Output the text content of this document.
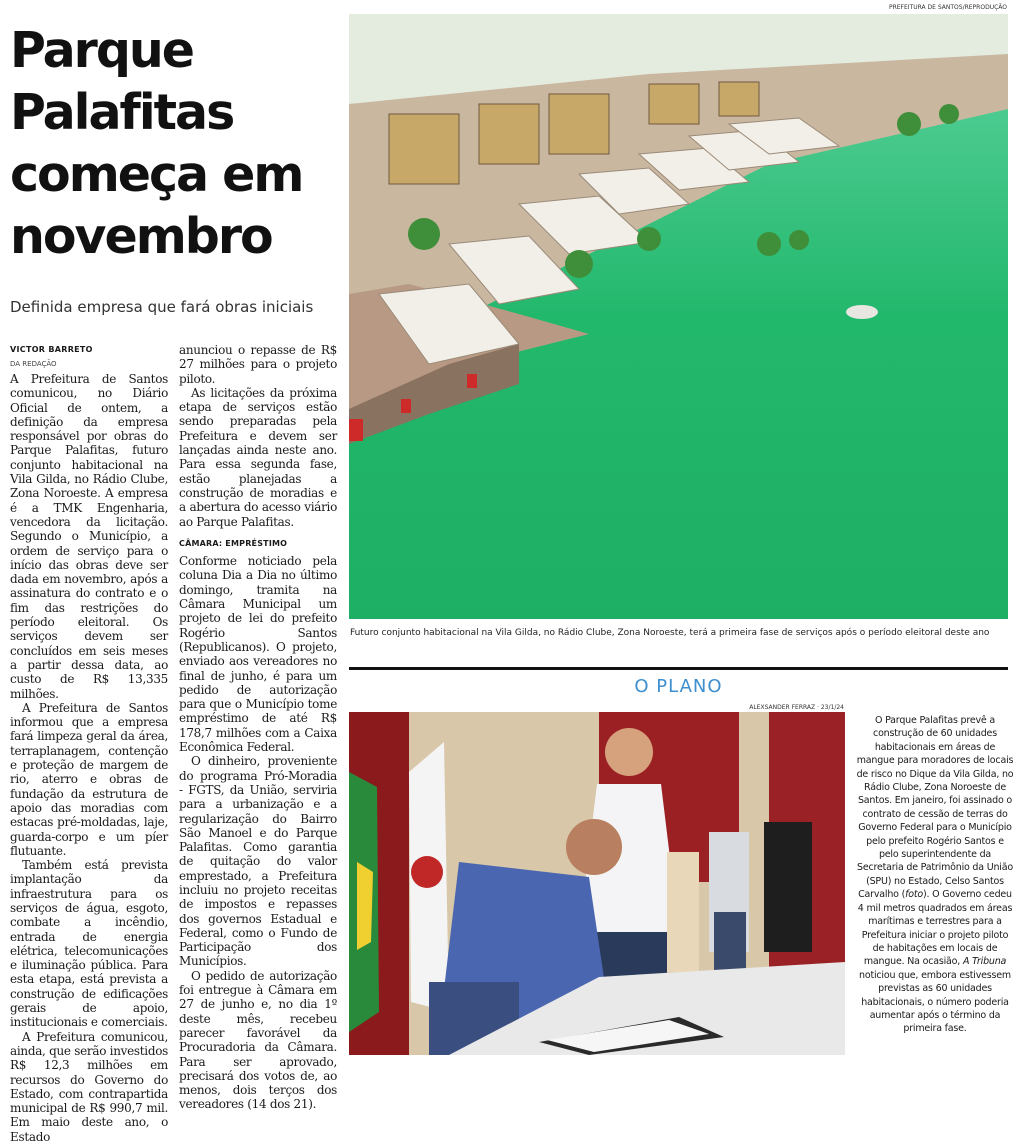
Parque Palafitas começa em novembro

Definida empresa que fará obras iniciais

VICTOR BARRETO
DA REDAÇÃO

A Prefeitura de Santos comunicou, no Diário Oficial de ontem, a definição da empresa responsável por obras do Parque Palafitas, futuro conjunto habitacional na Vila Gilda, no Rádio Clube, Zona Noroeste. A empresa é a TMK Engenharia, vencedora da licitação. Segundo o Município, a ordem de serviço para o início das obras deve ser dada em novembro, após a assinatura do contrato e o fim das restrições do período eleitoral. Os serviços devem ser concluídos em seis meses a partir dessa data, ao custo de R$ 13,335 milhões.

A Prefeitura de Santos informou que a empresa fará limpeza geral da área, terraplanagem, contenção e proteção de margem de rio, aterro e obras de fundação da estrutura de apoio das moradias com estacas pré-moldadas, laje, guarda-corpo e um píer flutuante.

Também está prevista implantação da infraestrutura para os serviços de água, esgoto, combate a incêndio, entrada de energia elétrica, telecomunicações e iluminação pública. Para esta etapa, está prevista a construção de edificações gerais de apoio, institucionais e comerciais.

A Prefeitura comunicou, ainda, que serão investidos R$ 12,3 milhões em recursos do Governo do Estado, com contrapartida municipal de R$ 990,7 mil. Em maio deste ano, o Estado

anunciou o repasse de R$ 27 milhões para o projeto piloto.

As licitações da próxima etapa de serviços estão sendo preparadas pela Prefeitura e devem ser lançadas ainda neste ano. Para essa segunda fase, estão planejadas a construção de moradias e a abertura do acesso viário ao Parque Palafitas.

CÂMARA: EMPRÉSTIMO

Conforme noticiado pela coluna Dia a Dia no último domingo, tramita na Câmara Municipal um projeto de lei do prefeito Rogério Santos (Republicanos). O projeto, enviado aos vereadores no final de junho, é para um pedido de autorização para que o Município tome empréstimo de até R$ 178,7 milhões com a Caixa Econômica Federal.

O dinheiro, proveniente do programa Pró-Moradia - FGTS, da União, serviria para a urbanização e a regularização do Bairro São Manoel e do Parque Palafitas. Como garantia de quitação do valor emprestado, a Prefeitura incluiu no projeto receitas de impostos e repasses dos governos Estadual e Federal, como o Fundo de Participação dos Municípios.

O pedido de autorização foi entregue à Câmara em 27 de junho e, no dia 1º deste mês, recebeu parecer favorável da Procuradoria da Câmara. Para ser aprovado, precisará dos votos de, ao menos, dois terços dos vereadores (14 dos 21).

PREFEITURA DE SANTOS/REPRODUÇÃO
Futuro conjunto habitacional na Vila Gilda, no Rádio Clube, Zona Noroeste, terá a primeira fase de serviços após o período eleitoral deste ano
O PLANO
ALEXSANDER FERRAZ · 23/1/24

O Parque Palafitas prevê a construção de 60 unidades habitacionais em áreas de mangue para moradores de locais de risco no Dique da Vila Gilda, no Rádio Clube, Zona Noroeste de Santos. Em janeiro, foi assinado o contrato de cessão de terras do Governo Federal para o Município pelo prefeito Rogério Santos e pelo superintendente da Secretaria de Patrimônio da União (SPU) no Estado, Celso Santos Carvalho (foto). O Governo cedeu 4 mil metros quadrados em áreas marítimas e terrestres para a Prefeitura iniciar o projeto piloto de habitações em locais de mangue. Na ocasião, A Tribuna noticiou que, embora estivessem previstas as 60 unidades habitacionais, o número poderia aumentar após o término da primeira fase.
